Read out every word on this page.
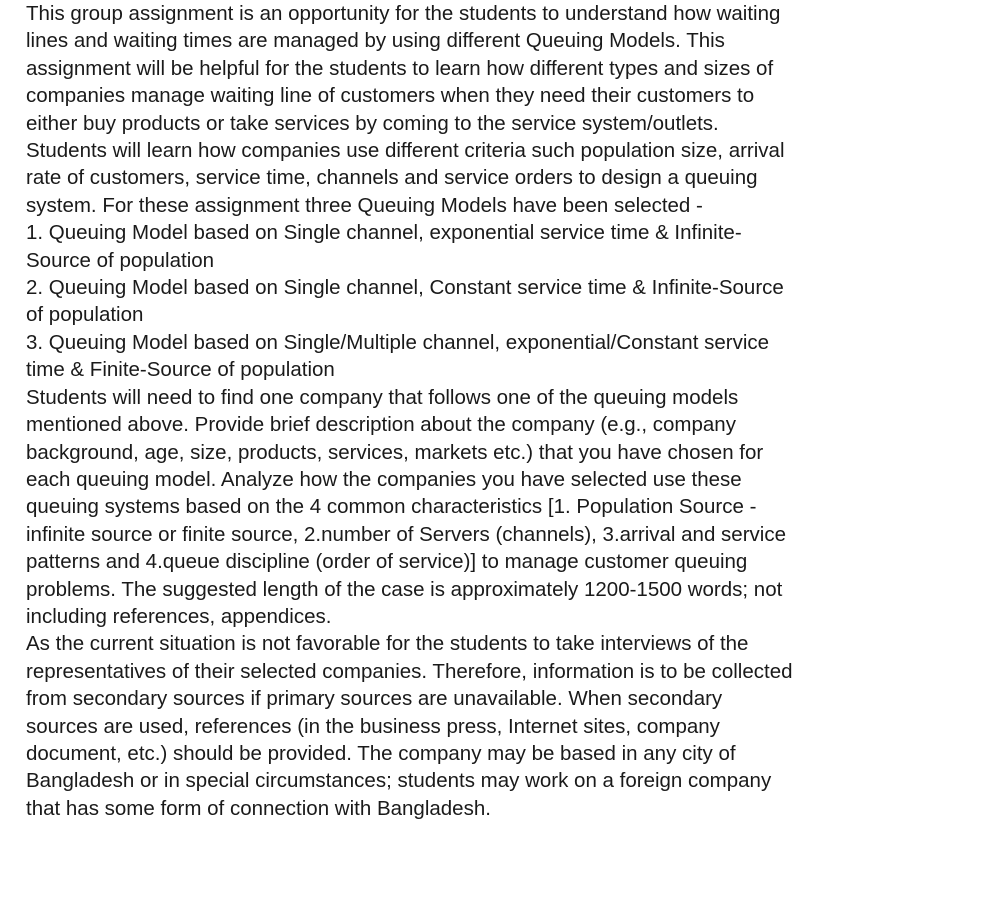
This group assignment is an opportunity for the students to understand how waiting
lines and waiting times are managed by using different Queuing Models. This
assignment will be helpful for the students to learn how different types and sizes of
companies manage waiting line of customers when they need their customers to
either buy products or take services by coming to the service system/outlets.
Students will learn how companies use different criteria such population size, arrival
rate of customers, service time, channels and service orders to design a queuing
system. For these assignment three Queuing Models have been selected -
1. Queuing Model based on Single channel, exponential service time & Infinite-
Source of population
2. Queuing Model based on Single channel, Constant service time & Infinite-Source
of population
3. Queuing Model based on Single/Multiple channel, exponential/Constant service
time & Finite-Source of population
Students will need to find one company that follows one of the queuing models
mentioned above. Provide brief description about the company (e.g., company
background, age, size, products, services, markets etc.) that you have chosen for
each queuing model. Analyze how the companies you have selected use these
queuing systems based on the 4 common characteristics [1. Population Source -
infinite source or finite source, 2.number of Servers (channels), 3.arrival and service
patterns and 4.queue discipline (order of service)] to manage customer queuing
problems. The suggested length of the case is approximately 1200-1500 words; not
including references, appendices.
As the current situation is not favorable for the students to take interviews of the
representatives of their selected companies. Therefore, information is to be collected
from secondary sources if primary sources are unavailable. When secondary
sources are used, references (in the business press, Internet sites, company
document, etc.) should be provided. The company may be based in any city of
Bangladesh or in special circumstances; students may work on a foreign company
that has some form of connection with Bangladesh.
